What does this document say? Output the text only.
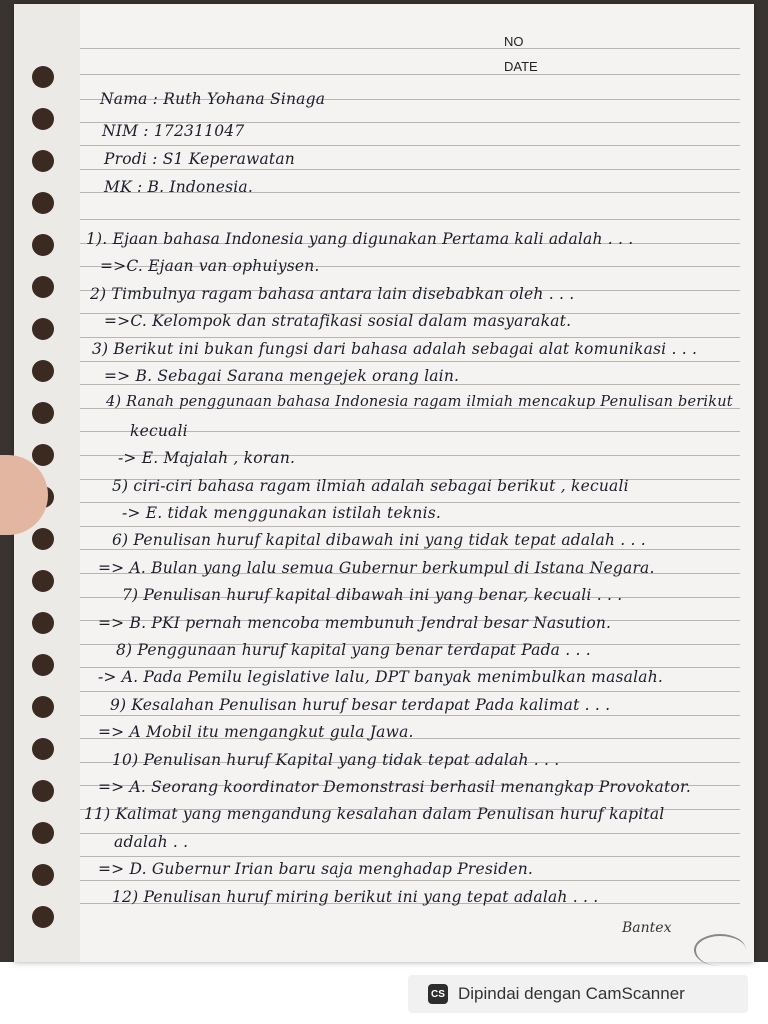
NO
DATE
Nama : Ruth Yohana Sinaga
NIM : 172311047
Prodi : S1 Keperawatan
MK : B. Indonesia.
1). Ejaan bahasa Indonesia yang digunakan Pertama kali adalah . . .
=>C. Ejaan van ophuiysen.
2) Timbulnya ragam bahasa antara lain disebabkan oleh . . .
=>C. Kelompok dan stratafikasi sosial dalam masyarakat.
3) Berikut ini bukan fungsi dari bahasa adalah sebagai alat komunikasi . . .
=> B. Sebagai Sarana mengejek orang lain.
4) Ranah penggunaan bahasa Indonesia ragam ilmiah mencakup Penulisan berikut
kecuali
-> E. Majalah , koran.
5) ciri-ciri bahasa ragam ilmiah adalah sebagai berikut , kecuali
-> E. tidak menggunakan istilah teknis.
6) Penulisan huruf kapital dibawah ini yang tidak tepat adalah . . .
=> A. Bulan yang lalu semua Gubernur berkumpul di Istana Negara.
7) Penulisan huruf kapital dibawah ini yang benar, kecuali . . .
=> B. PKI pernah mencoba membunuh Jendral besar Nasution.
8) Penggunaan huruf kapital yang benar terdapat Pada . . .
-> A. Pada Pemilu legislative lalu, DPT banyak menimbulkan masalah.
9) Kesalahan Penulisan huruf besar terdapat Pada kalimat . . .
=> A Mobil itu mengangkut gula Jawa.
10) Penulisan huruf Kapital yang tidak tepat adalah . . .
=> A. Seorang koordinator Demonstrasi berhasil menangkap Provokator.
11) Kalimat yang mengandung kesalahan dalam Penulisan huruf kapital
adalah . .
=> D. Gubernur Irian baru saja menghadap Presiden.
12) Penulisan huruf miring berikut ini yang tepat adalah . . .
Bantex
CS Dipindai dengan CamScanner
